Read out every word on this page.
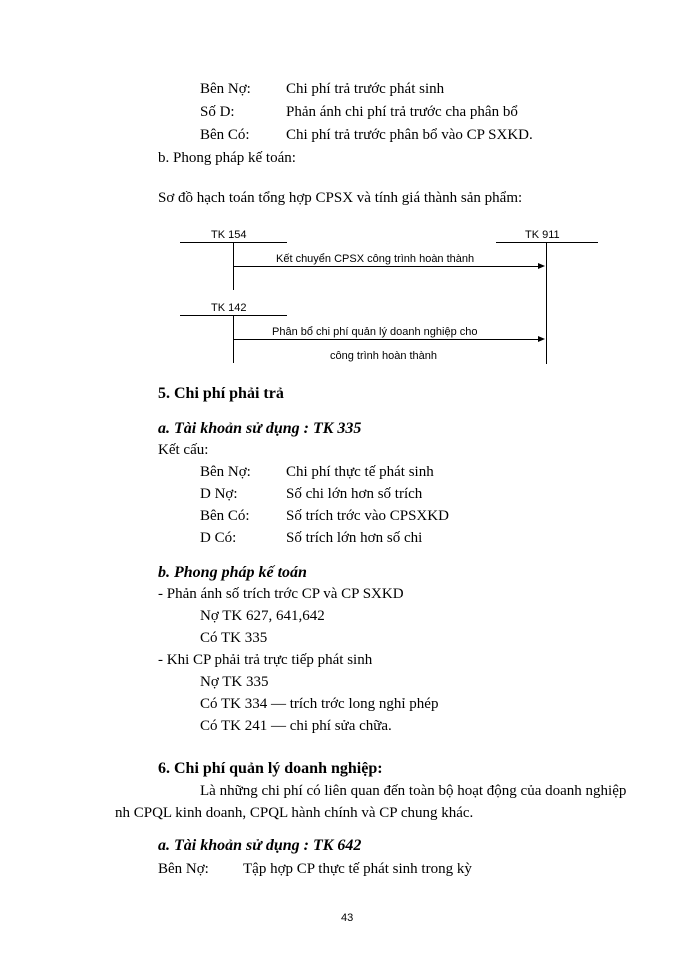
Bên Nợ: Chi phí trả trước phát sinh
Số D:	Phản ánh chi phí trả trước cha phân bổ
Bên Có: Chi phí trả trước phân bổ vào CP SXKD.
b. Phong pháp kế toán:
Sơ đồ hạch toán tổng hợp CPSX và tính giá thành sản phẩm:
TK 154	TK 911
Kết chuyển CPSX công trình hoàn thành
TK 142
Phân bổ chi phí quản lý doanh nghiệp cho
công trình hoàn thành
5. Chi phí phải trả
a. Tài khoản sử dụng : TK 335
Kết cấu:
Bên Nợ: Chi phí thực tế phát sinh
D Nợ:	Số chi lớn hơn số trích
Bên Có: Số trích trớc vào CPSXKD
D Có:	Số trích lớn hơn số chi
b. Phong pháp kế toán
- Phản ánh số trích trớc CP và CP SXKD
Nợ TK 627, 641,642
Có TK 335
- Khi CP phải trả trực tiếp phát sinh
Nợ TK 335
Có TK 334 — trích trớc long nghỉ phép
Có TK 241 — chi phí sửa chữa.
6. Chi phí quản lý doanh nghiệp:
Là những chi phí có liên quan đến toàn bộ hoạt động của doanh nghiệp
nh CPQL kinh doanh, CPQL hành chính và CP chung khác.
a. Tài khoản sử dụng : TK 642
Bên Nợ: Tập hợp CP thực tế phát sinh trong kỳ
43
